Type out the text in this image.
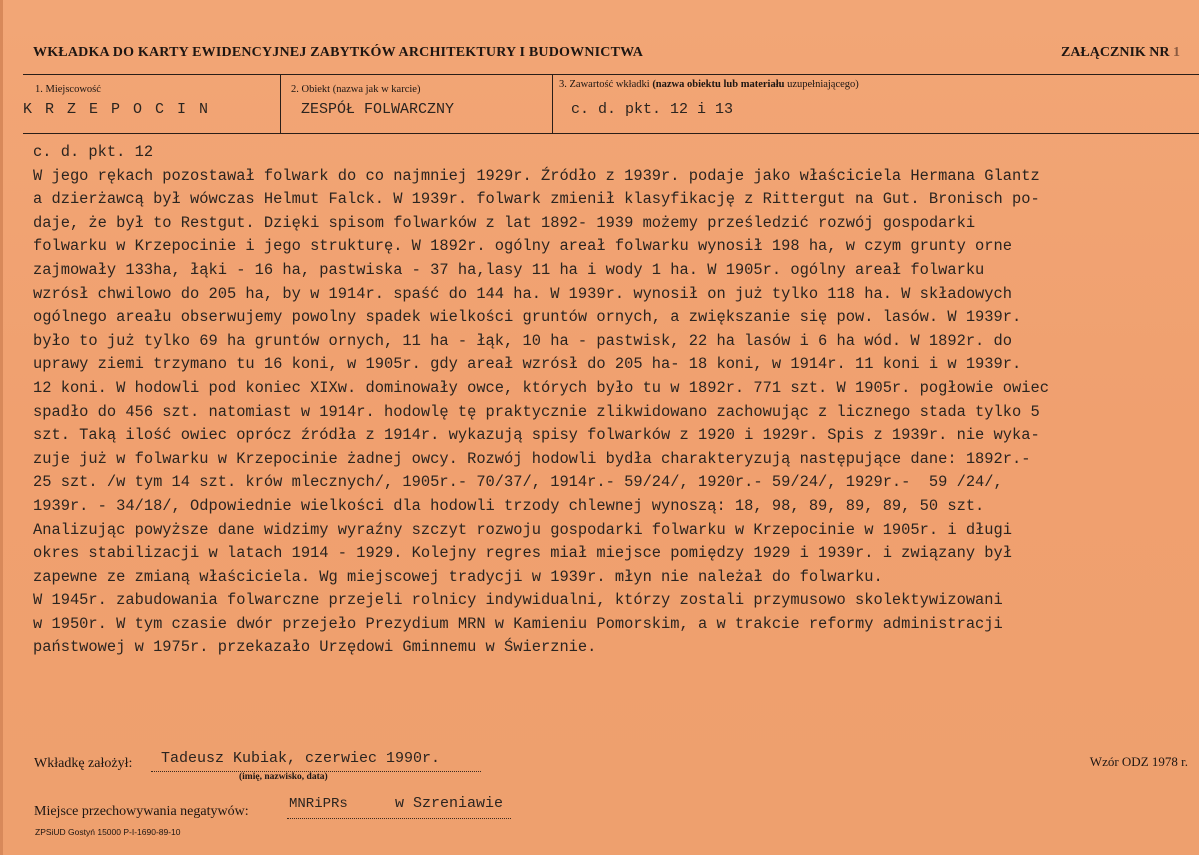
WKŁADKA DO KARTY EWIDENCYJNEJ ZABYTKÓW ARCHITEKTURY I BUDOWNICTWA	ZAŁĄCZNIK NR 1
1. Miejscowość
K R Z E P O C I N
2. Obiekt (nazwa jak w karcie)
ZESPÓŁ FOLWARCZNY
3. Zawartość wkładki (nazwa obiektu lub materiału uzupełniającego)
c. d. pkt. 12 i 13
c. d. pkt. 12
W jego rękach pozostawał folwark do co najmniej 1929r. Źródło z 1939r. podaje jako właściciela Hermana Glantz
a dzierżawcą był wówczas Helmut Falck. W 1939r. folwark zmienił klasyfikację z Rittergut na Gut. Bronisch po-
daje, że był to Restgut. Dzięki spisom folwarków z lat 1892- 1939 możemy prześledzić rozwój gospodarki
folwarku w Krzepocinie i jego strukturę. W 1892r. ogólny areał folwarku wynosił 198 ha, w czym grunty orne
zajmowały 133ha, łąki - 16 ha, pastwiska - 37 ha,lasy 11 ha i wody 1 ha. W 1905r. ogólny areał folwarku
wzrósł chwilowo do 205 ha, by w 1914r. spaść do 144 ha. W 1939r. wynosił on już tylko 118 ha. W składowych
ogólnego areału obserwujemy powolny spadek wielkości gruntów ornych, a zwiększanie się pow. lasów. W 1939r.
było to już tylko 69 ha gruntów ornych, 11 ha - łąk, 10 ha - pastwisk, 22 ha lasów i 6 ha wód. W 1892r. do
uprawy ziemi trzymano tu 16 koni, w 1905r. gdy areał wzrósł do 205 ha- 18 koni, w 1914r. 11 koni i w 1939r.
12 koni. W hodowli pod koniec XIXw. dominowały owce, których było tu w 1892r. 771 szt. W 1905r. pogłowie owiec
spadło do 456 szt. natomiast w 1914r. hodowlę tę praktycznie zlikwidowano zachowując z licznego stada tylko 5
szt. Taką ilość owiec oprócz źródła z 1914r. wykazują spisy folwarków z 1920 i 1929r. Spis z 1939r. nie wyka-
zuje już w folwarku w Krzepocinie żadnej owcy. Rozwój hodowli bydła charakteryzują następujące dane: 1892r.-
25 szt. /w tym 14 szt. krów mlecznych/, 1905r.- 70/37/, 1914r.- 59/24/, 1920r.- 59/24/, 1929r.-  59 /24/,
1939r. - 34/18/, Odpowiednie wielkości dla hodowli trzody chlewnej wynoszą: 18, 98, 89, 89, 89, 50 szt.
Analizując powyższe dane widzimy wyraźny szczyt rozwoju gospodarki folwarku w Krzepocinie w 1905r. i długi
okres stabilizacji w latach 1914 - 1929. Kolejny regres miał miejsce pomiędzy 1929 i 1939r. i związany był
zapewne ze zmianą właściciela. Wg miejscowej tradycji w 1939r. młyn nie należał do folwarku.
W 1945r. zabudowania folwarczne przejeli rolnicy indywidualni, którzy zostali przymusowo skolektywizowani
w 1950r. W tym czasie dwór przejeło Prezydium MRN w Kamieniu Pomorskim, a w trakcie reformy administracji
państwowej w 1975r. przekazało Urzędowi Gminnemu w Świerznie.
Wkładkę założył: Tadeusz Kubiak, czerwiec 1990r.
(imię, nazwisko, data)
Wzór ODZ 1978 r.
Miejsce przechowywania negatywów:	MNRiPRs	w Szreniawie
ZPSiUD Gostyń 15000 P-I-1690-89-10
